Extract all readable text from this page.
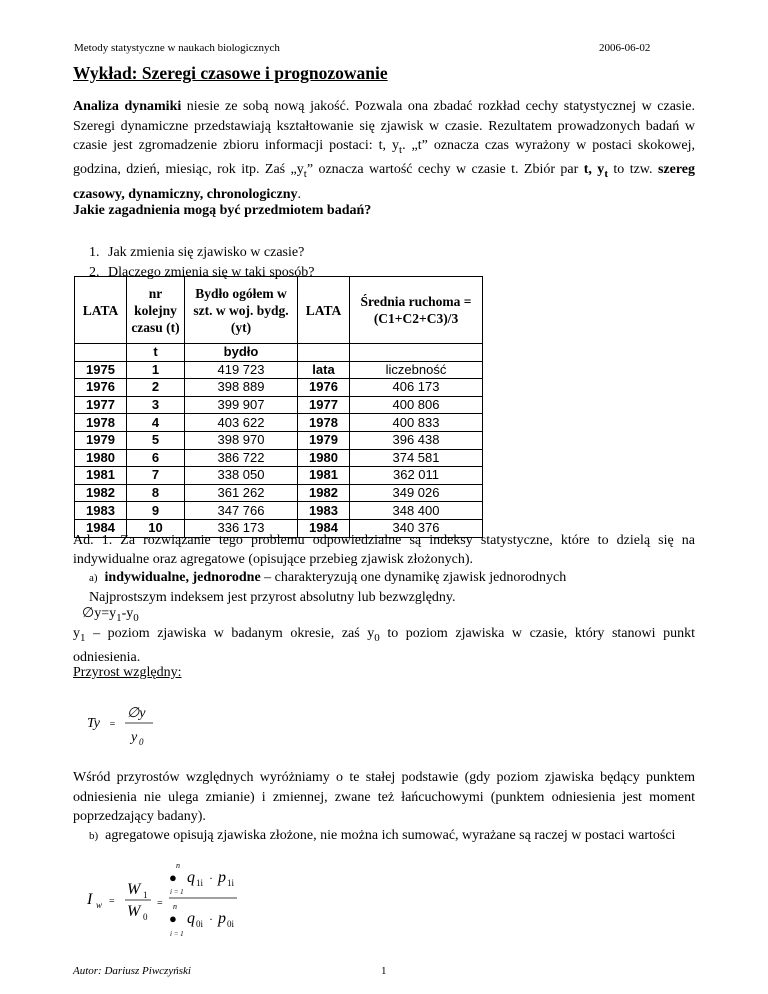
Metody statystyczne w naukach biologicznych	2006-06-02
Wykład: Szeregi czasowe i prognozowanie

Analiza dynamiki niesie ze sobą nową jakość. Pozwala ona zbadać rozkład cechy statystycznej w czasie. Szeregi dynamiczne przedstawiają kształtowanie się zjawisk w czasie. Rezultatem prowadzonych badań w czasie jest zgromadzenie zbioru informacji postaci: t, $y_t$. „t” oznacza czas wyrażony w postaci skokowej, godzina, dzień, miesiąc, rok itp. Zaś $„y_t$” oznacza wartość cechy w czasie t. Zbiór par t, $y_t$ to tzw. szereg czasowy, dynamiczny, chronologiczny.

Jakie zagadnienia mogą być przedmiotem badań?

1. Jak zmienia się zjawisko w czasie?
2. Dlaczego zmienia się w taki sposób?
LATA	nr kolejny czasu (t)	Bydło ogółem w szt. w woj. bydg. (yt)	LATA	Średnia ruchoma =(C1+C2+C3)/3
	t	bydło		
1975	1	419 723	lata	liczebność
1976	2	398 889	1976	406 173
1977	3	399 907	1977	400 806
1978	4	403 622	1978	400 833
1979	5	398 970	1979	396 438
1980	6	386 722	1980	374 581
1981	7	338 050	1981	362 011
1982	8	361 262	1982	349 026
1983	9	347 766	1983	348 400
1984	10	336 173	1984	340 376

Ad. 1. Za rozwiązanie tego problemu odpowiedzialne są indeksy statystyczne, które to dzielą się na indywidualne oraz agregatowe (opisujące przebieg zjawisk złożonych).

a) indywidualne, jednorodne – charakteryzują one dynamikę zjawisk jednorodnych
Najprostszym indeksem jest przyrost absolutny lub bezwzględny.

$\emptyset y=y_1-y_0$

$y_1$ – poziom zjawiska w badanym okresie, zaś $y_0$ to poziom zjawiska w czasie, który stanowi punkt odniesienia.

Przyrost względny:

Ty =
∅y
y 0

Wśród przyrostów względnych wyróżniamy o te stałej podstawie (gdy poziom zjawiska będący punktem odniesienia nie ulega zmianie) i zmiennej, zwane też łańcuchowymi (punktem odniesienia jest moment poprzedzający badany).

b) agregatowe opisują zjawiska złożone, nie można ich sumować, wyrażane są raczej w postaci wartości

I w =
W 1
W 0
=
n
●
i = 1
q 1i · p 1i
n
●
i = 1
q 0i · p 0i
Autor: Dariusz Piwczyński	1
